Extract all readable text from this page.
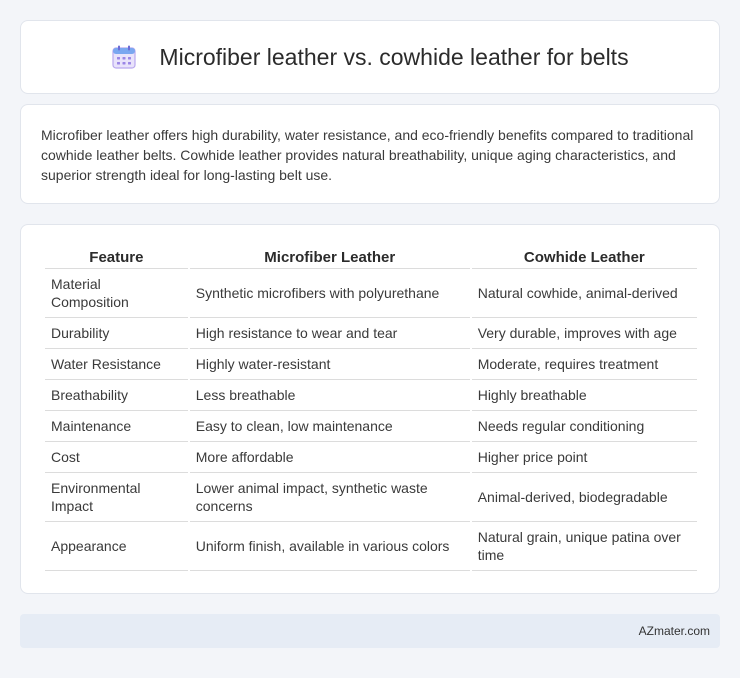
Microfiber leather vs. cowhide leather for belts

Microfiber leather offers high durability, water resistance, and eco-friendly benefits compared to traditional cowhide leather belts. Cowhide leather provides natural breathability, unique aging characteristics, and superior strength ideal for long-lasting belt use.

Feature	Microfiber Leather	Cowhide Leather
Material Composition	Synthetic microfibers with polyurethane	Natural cowhide, animal-derived
Durability	High resistance to wear and tear	Very durable, improves with age
Water Resistance	Highly water-resistant	Moderate, requires treatment
Breathability	Less breathable	Highly breathable
Maintenance	Easy to clean, low maintenance	Needs regular conditioning
Cost	More affordable	Higher price point
Environmental Impact	Lower animal impact, synthetic waste concerns	Animal-derived, biodegradable
Appearance	Uniform finish, available in various colors	Natural grain, unique patina over time
AZmater.com
